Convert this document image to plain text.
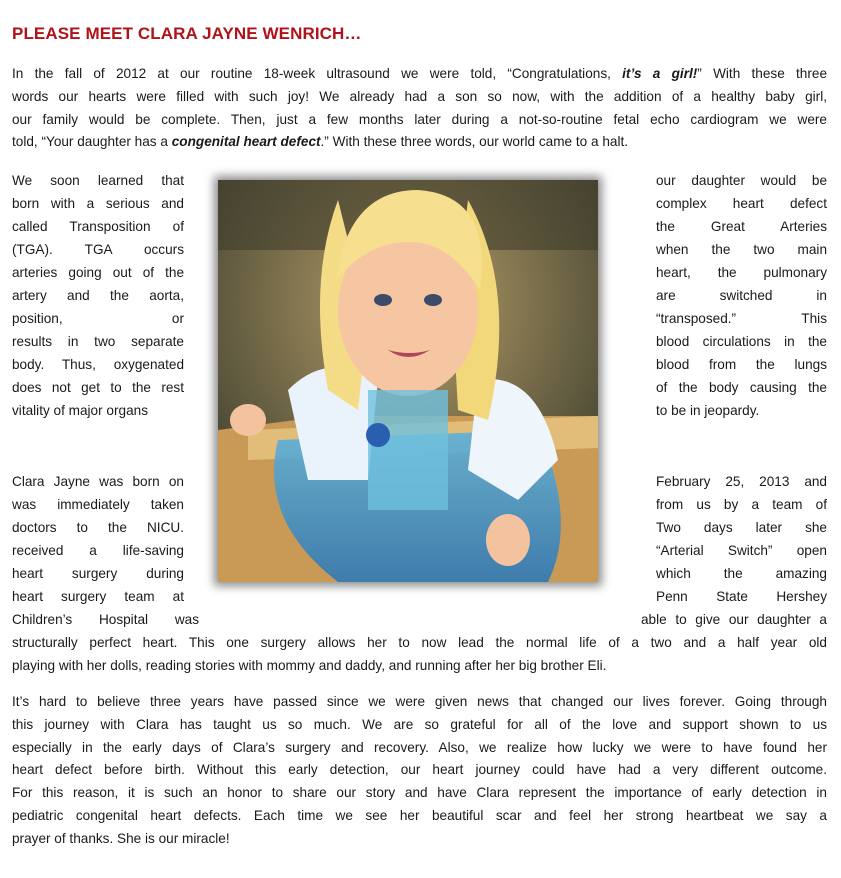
PLEASE MEET CLARA JAYNE WENRICH…
In the fall of 2012 at our routine 18-week ultrasound we were told, “Congratulations, it’s a girl!” With these three
words our hearts were filled with such joy! We already had a son so now, with the addition of a healthy baby girl,
our family would be complete. Then, just a few months later during a not-so-routine fetal echo cardiogram we were
told, “Your daughter has a congenital heart defect.” With these three words, our world came to a halt.
We soon learned that
born with a serious and
called Transposition of
(TGA). TGA occurs
arteries going out of the
artery and the aorta,
position, or
results in two separate
body. Thus, oxygenated
does not get to the rest
vitality of major organs
our daughter would be
complex heart defect
the Great Arteries
when the two main
heart, the pulmonary
are switched in
“transposed.” This
blood circulations in the
blood from the lungs
of the body causing the
to be in jeopardy.
Clara Jayne was born on
was immediately taken
doctors to the NICU.
received a life-saving
heart surgery during
heart surgery team at
Children’s Hospital was
February 25, 2013 and
from us by a team of
Two days later she
“Arterial Switch” open
which the amazing
Penn State Hershey
able to give our daughter a
structurally perfect heart. This one surgery allows her to now lead the normal life of a two and a half year old
playing with her dolls, reading stories with mommy and daddy, and running after her big brother Eli.
It’s hard to believe three years have passed since we were given news that changed our lives forever. Going through
this journey with Clara has taught us so much. We are so grateful for all of the love and support shown to us
especially in the early days of Clara’s surgery and recovery. Also, we realize how lucky we were to have found her
heart defect before birth. Without this early detection, our heart journey could have had a very different outcome.
For this reason, it is such an honor to share our story and have Clara represent the importance of early detection in
pediatric congenital heart defects. Each time we see her beautiful scar and feel her strong heartbeat we say a
prayer of thanks. She is our miracle!
